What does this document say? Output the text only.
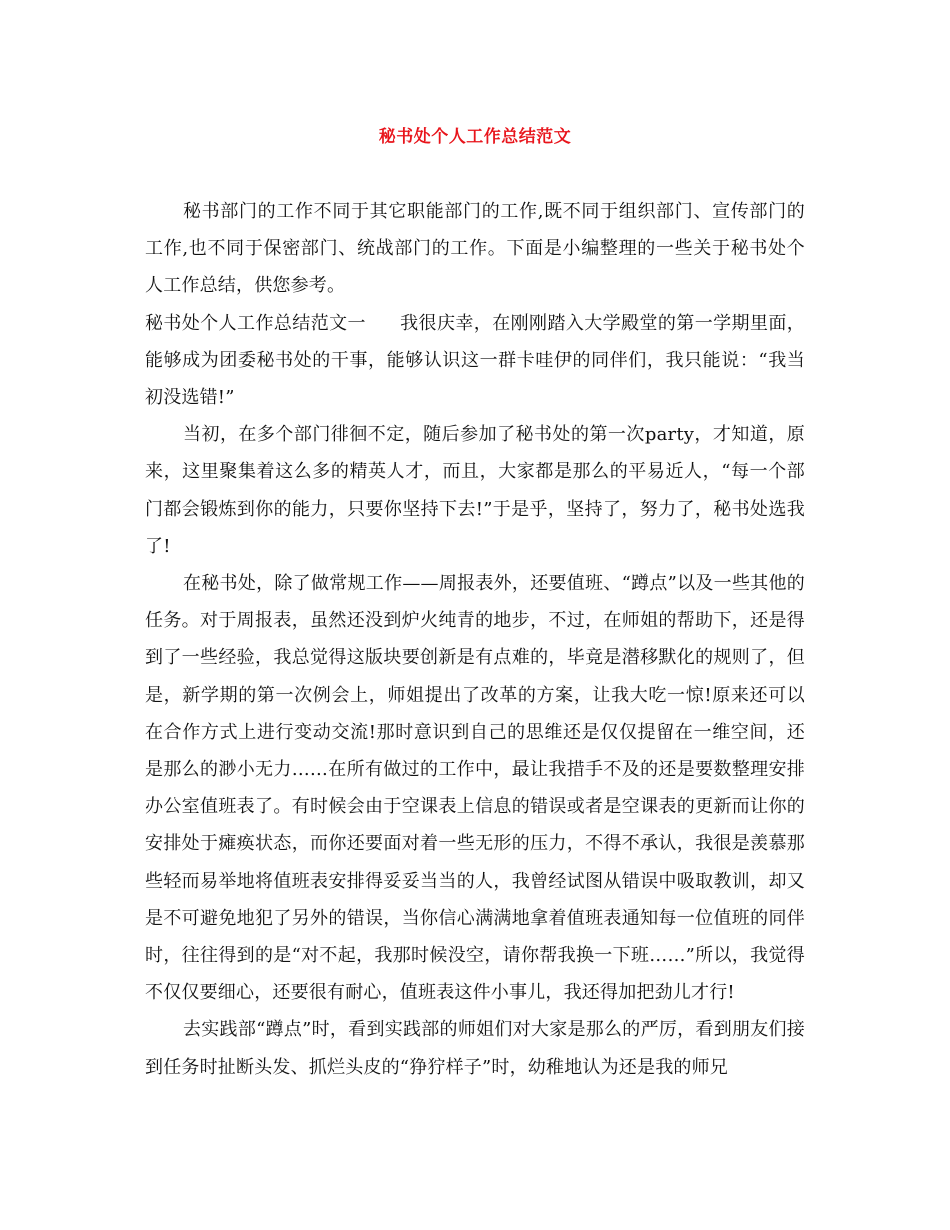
秘书处个人工作总结范文

秘书部门的工作不同于其它职能部门的工作,既不同于组织部门、宣传部门的工作,也不同于保密部门、统战部门的工作。下面是小编整理的一些关于秘书处个人工作总结，供您参考。

秘书处个人工作总结范文一 我很庆幸，在刚刚踏入大学殿堂的第一学期里面，能够成为团委秘书处的干事，能够认识这一群卡哇伊的同伴们，我只能说：“我当初没选错!”

当初，在多个部门徘徊不定，随后参加了秘书处的第一次party，才知道，原来，这里聚集着这么多的精英人才，而且，大家都是那么的平易近人，“每一个部门都会锻炼到你的能力，只要你坚持下去!”于是乎，坚持了，努力了，秘书处选我了!

在秘书处，除了做常规工作——周报表外，还要值班、“蹲点”以及一些其他的任务。对于周报表，虽然还没到炉火纯青的地步，不过，在师姐的帮助下，还是得到了一些经验，我总觉得这版块要创新是有点难的，毕竟是潜移默化的规则了，但是，新学期的第一次例会上，师姐提出了改革的方案，让我大吃一惊!原来还可以在合作方式上进行变动交流!那时意识到自己的思维还是仅仅提留在一维空间，还是那么的渺小无力……在所有做过的工作中，最让我措手不及的还是要数整理安排办公室值班表了。有时候会由于空课表上信息的错误或者是空课表的更新而让你的安排处于瘫痪状态，而你还要面对着一些无形的压力，不得不承认，我很是羡慕那些轻而易举地将值班表安排得妥妥当当的人，我曾经试图从错误中吸取教训，却又是不可避免地犯了另外的错误，当你信心满满地拿着值班表通知每一位值班的同伴时，往往得到的是“对不起，我那时候没空，请你帮我换一下班……”所以，我觉得不仅仅要细心，还要很有耐心，值班表这件小事儿，我还得加把劲儿才行!

去实践部“蹲点”时，看到实践部的师姐们对大家是那么的严厉，看到朋友们接到任务时扯断头发、抓烂头皮的“狰狞样子”时，幼稚地认为还是我的师兄
